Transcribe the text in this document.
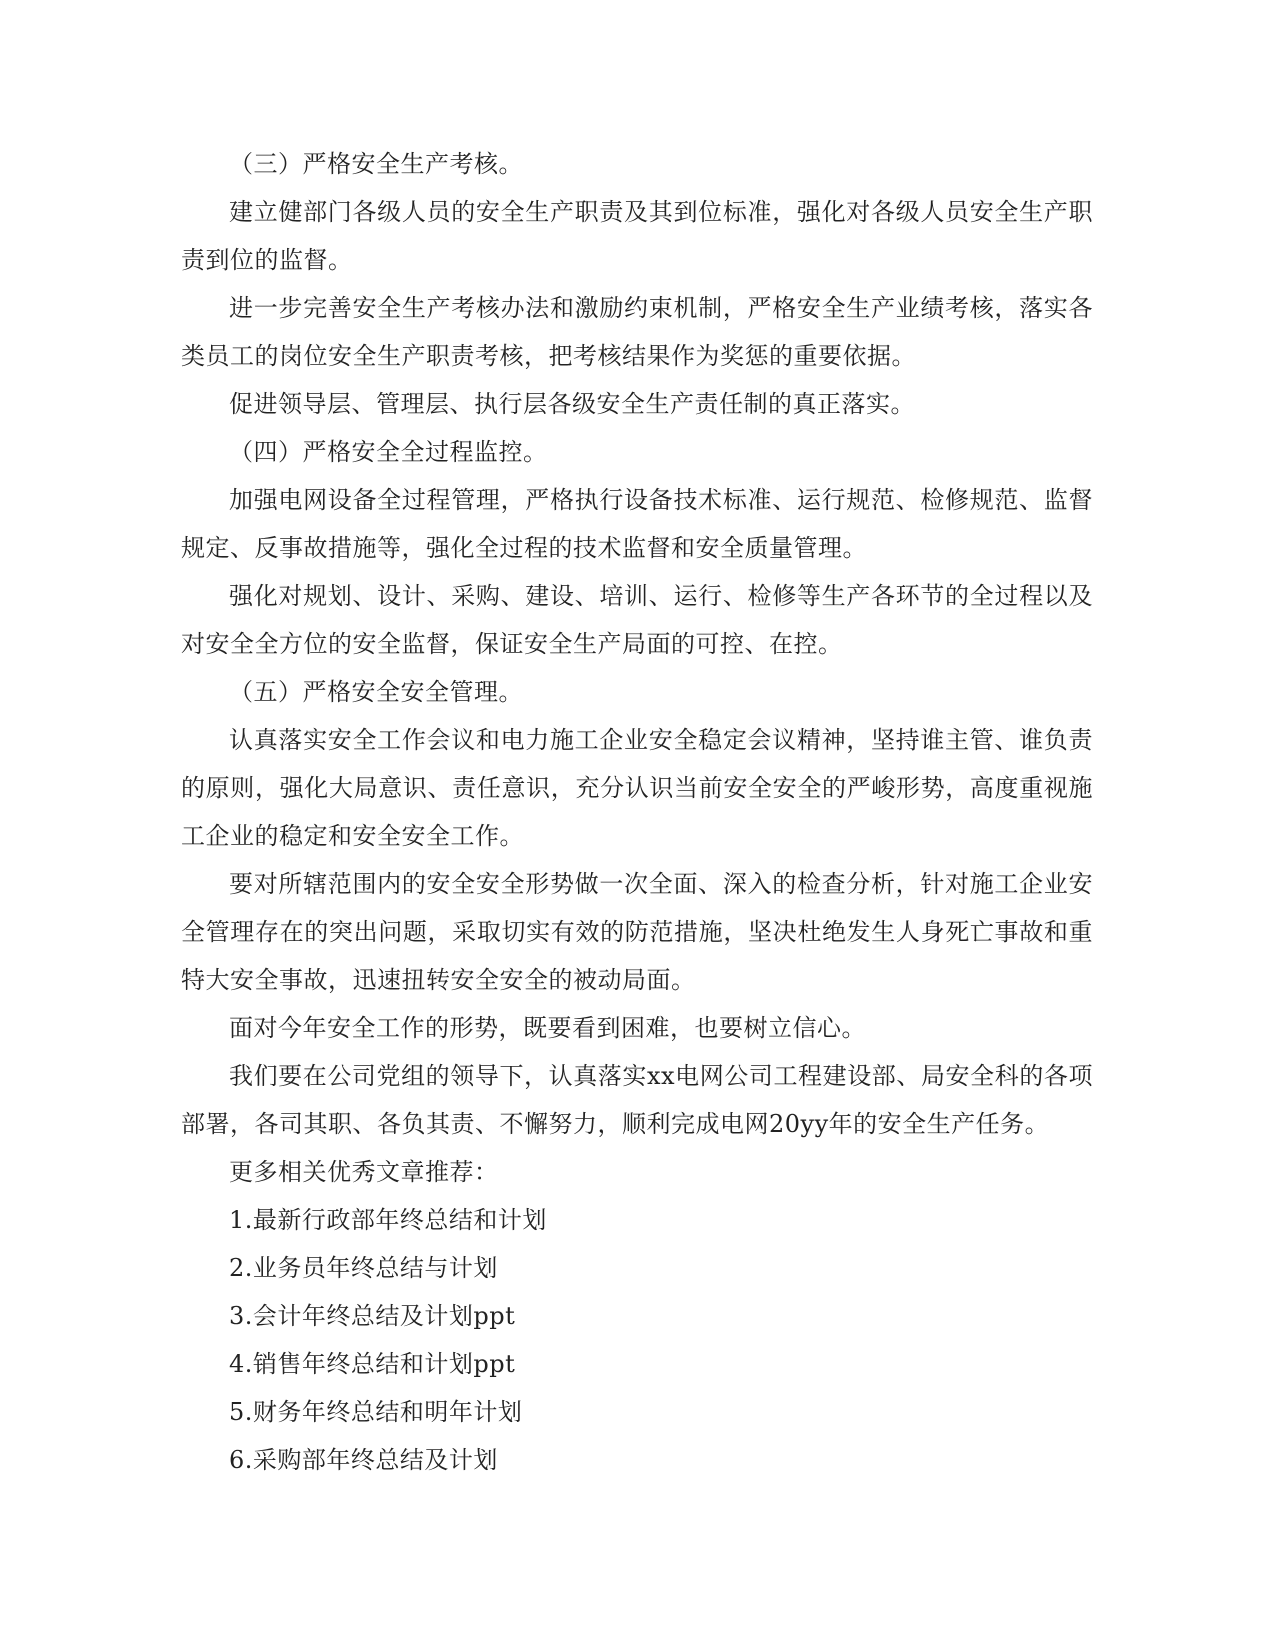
（三）严格安全生产考核。

建立健部门各级人员的安全生产职责及其到位标准，强化对各级人员安全生产职责到位的监督。

进一步完善安全生产考核办法和激励约束机制，严格安全生产业绩考核，落实各类员工的岗位安全生产职责考核，把考核结果作为奖惩的重要依据。

促进领导层、管理层、执行层各级安全生产责任制的真正落实。

（四）严格安全全过程监控。

加强电网设备全过程管理，严格执行设备技术标准、运行规范、检修规范、监督规定、反事故措施等，强化全过程的技术监督和安全质量管理。

强化对规划、设计、采购、建设、培训、运行、检修等生产各环节的全过程以及对安全全方位的安全监督，保证安全生产局面的可控、在控。

（五）严格安全安全管理。

认真落实安全工作会议和电力施工企业安全稳定会议精神，坚持谁主管、谁负责的原则，强化大局意识、责任意识，充分认识当前安全安全的严峻形势，高度重视施工企业的稳定和安全安全工作。

要对所辖范围内的安全安全形势做一次全面、深入的检查分析，针对施工企业安全管理存在的突出问题，采取切实有效的防范措施，坚决杜绝发生人身死亡事故和重特大安全事故，迅速扭转安全安全的被动局面。

面对今年安全工作的形势，既要看到困难，也要树立信心。

我们要在公司党组的领导下，认真落实xx电网公司工程建设部、局安全科的各项部署，各司其职、各负其责、不懈努力，顺利完成电网20yy年的安全生产任务。

更多相关优秀文章推荐：

1.最新行政部年终总结和计划
2.业务员年终总结与计划
3.会计年终总结及计划ppt
4.销售年终总结和计划ppt
5.财务年终总结和明年计划
6.采购部年终总结及计划
